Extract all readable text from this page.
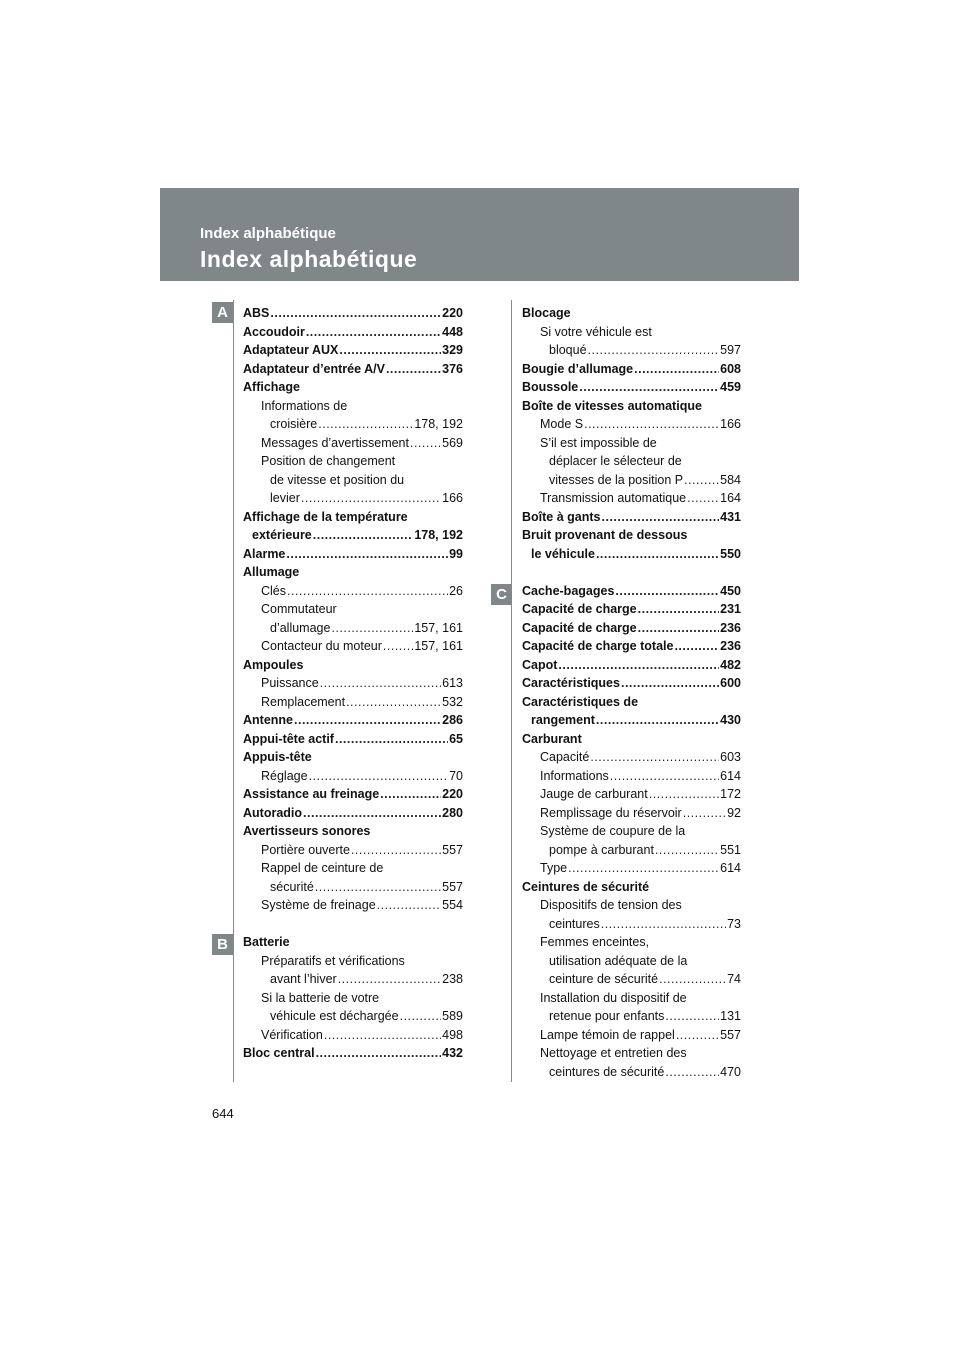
Index alphabétique
Index alphabétique
A
B
C
ABS .....	220
Accoudoir .....	448
Adaptateur AUX .....	329
Adaptateur d’entrée A/V .....	376
Affichage
Informations de
croisière .....	178, 192
Messages d’avertissement .....	569
Position de changement
de vitesse et position du
levier .....	166
Affichage de la température
extérieure .....	178, 192
Alarme .....	99
Allumage
Clés .....	26
Commutateur
d’allumage .....	157, 161
Contacteur du moteur .....	157, 161
Ampoules
Puissance .....	613
Remplacement .....	532
Antenne .....	286
Appui-tête actif .....	65
Appuis-tête
Réglage .....	70
Assistance au freinage .....	220
Autoradio .....	280
Avertisseurs sonores
Portière ouverte .....	557
Rappel de ceinture de
sécurité .....	557
Système de freinage .....	554
Batterie
Préparatifs et vérifications
avant l’hiver .....	238
Si la batterie de votre
véhicule est déchargée .....	589
Vérification .....	498
Bloc central .....	432
Blocage
Si votre véhicule est
bloqué .....	597
Bougie d’allumage .....	608
Boussole .....	459
Boîte de vitesses automatique
Mode S .....	166
S’il est impossible de
déplacer le sélecteur de
vitesses de la position P .....	584
Transmission automatique .....	164
Boîte à gants .....	431
Bruit provenant de dessous
le véhicule .....	550
Cache-bagages .....	450
Capacité de charge .....	231
Capacité de charge .....	236
Capacité de charge totale .....	236
Capot .....	482
Caractéristiques .....	600
Caractéristiques de
rangement .....	430
Carburant
Capacité .....	603
Informations .....	614
Jauge de carburant .....	172
Remplissage du réservoir .....	92
Système de coupure de la
pompe à carburant .....	551
Type .....	614
Ceintures de sécurité
Dispositifs de tension des
ceintures .....	73
Femmes enceintes,
utilisation adéquate de la
ceinture de sécurité .....	74
Installation du dispositif de
retenue pour enfants .....	131
Lampe témoin de rappel .....	557
Nettoyage et entretien des
ceintures de sécurité .....	470
644
